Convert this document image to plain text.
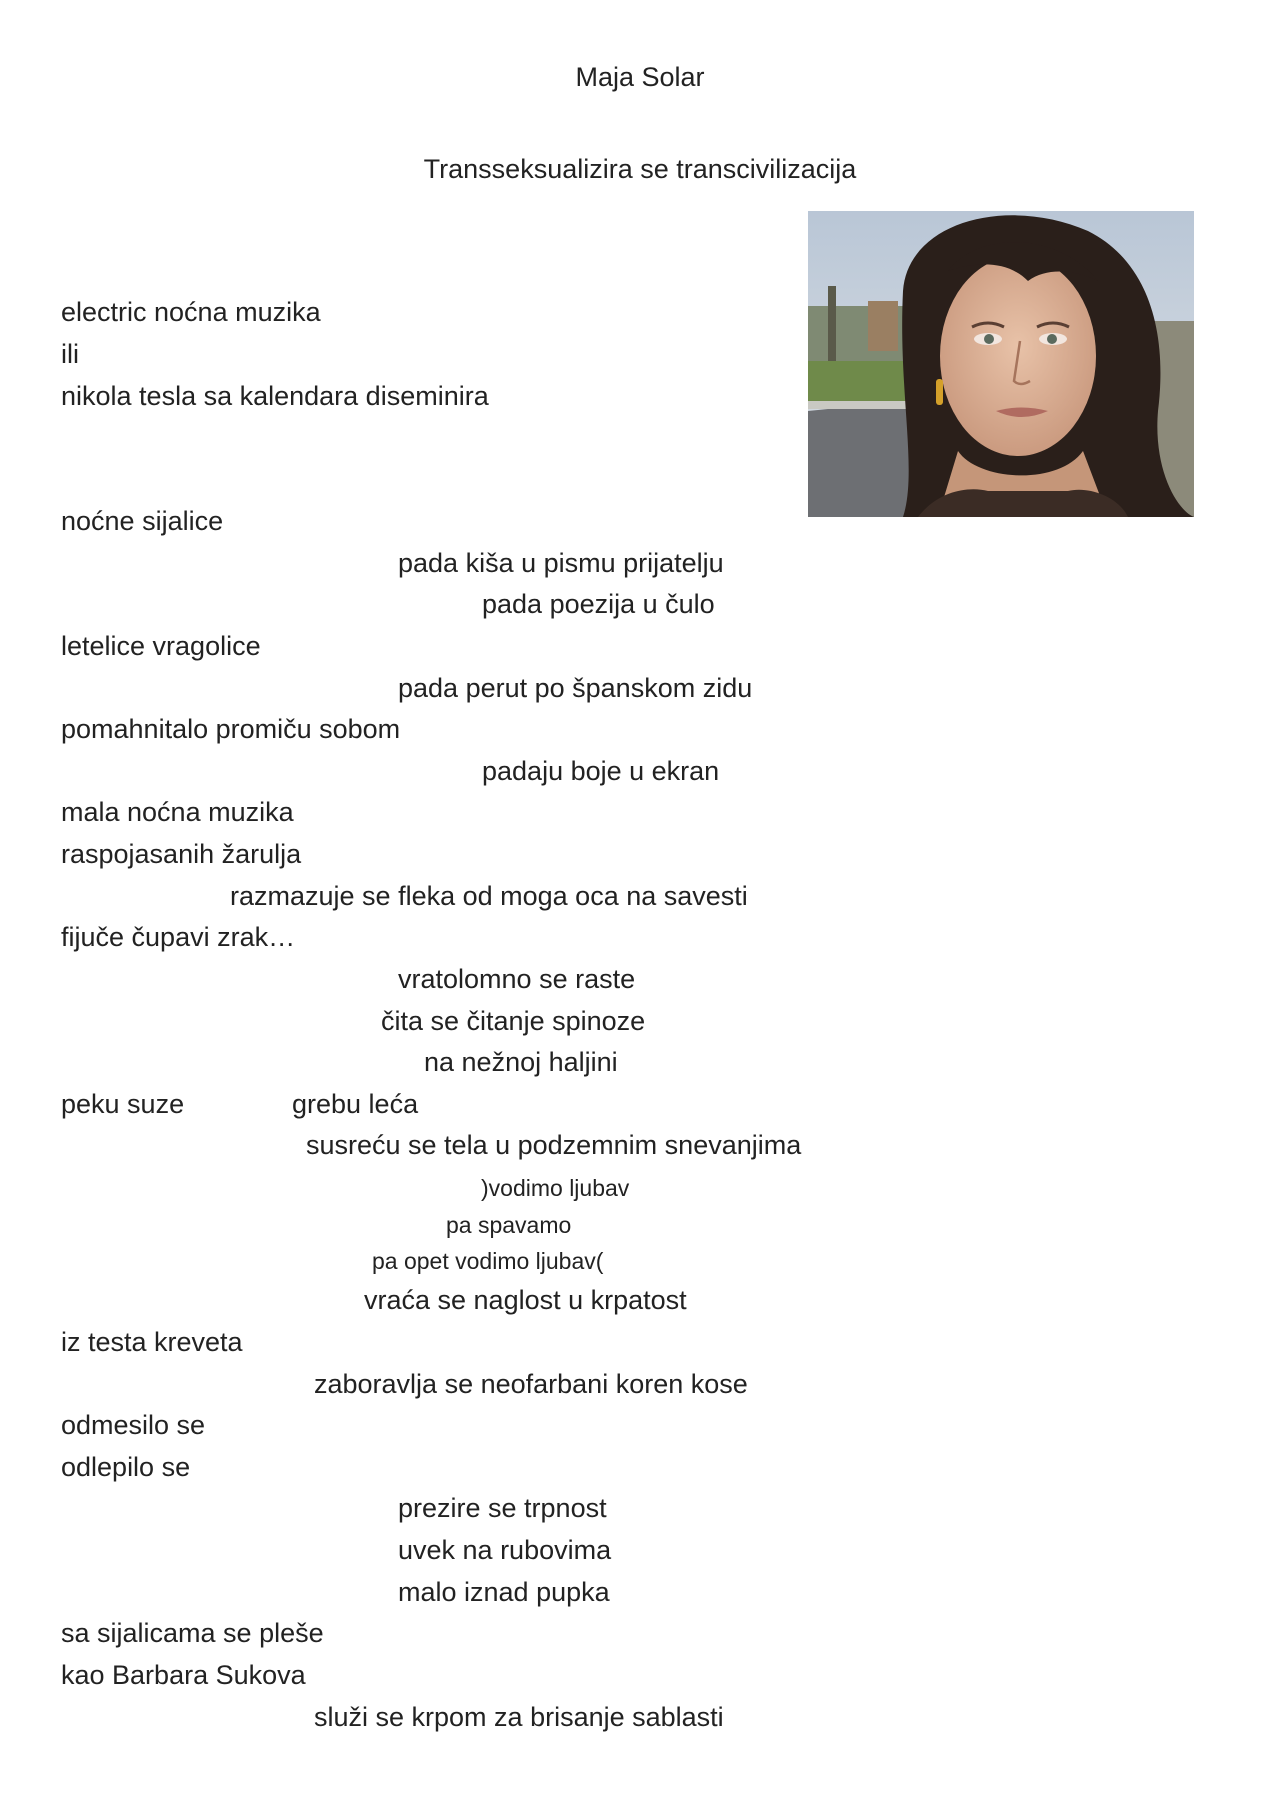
Maja Solar
Transseksualizira se transcivilizacija
electric noćna muzika
ili
nikola tesla sa kalendara diseminira
noćne sijalice
pada kiša u pismu prijatelju
pada poezija u čulo
letelice vragolice
pada perut po španskom zidu
pomahnitalo promiču sobom
padaju boje u ekran
mala noćna muzika
raspojasanih žarulja
razmazuje se fleka od moga oca na savesti
fijuče čupavi zrak…
vratolomno se raste
čita se čitanje spinoze
na nežnoj haljini
peku suze	grebu leća
susreću se tela u podzemnim snevanjima
)vodimo ljubav
pa spavamo
pa opet vodimo ljubav(
vraća se naglost u krpatost
iz testa kreveta
zaboravlja se neofarbani koren kose
odmesilo se
odlepilo se
prezire se trpnost
uvek na rubovima
malo iznad pupka
sa sijalicama se pleše
kao Barbara Sukova
služi se krpom za brisanje sablasti
